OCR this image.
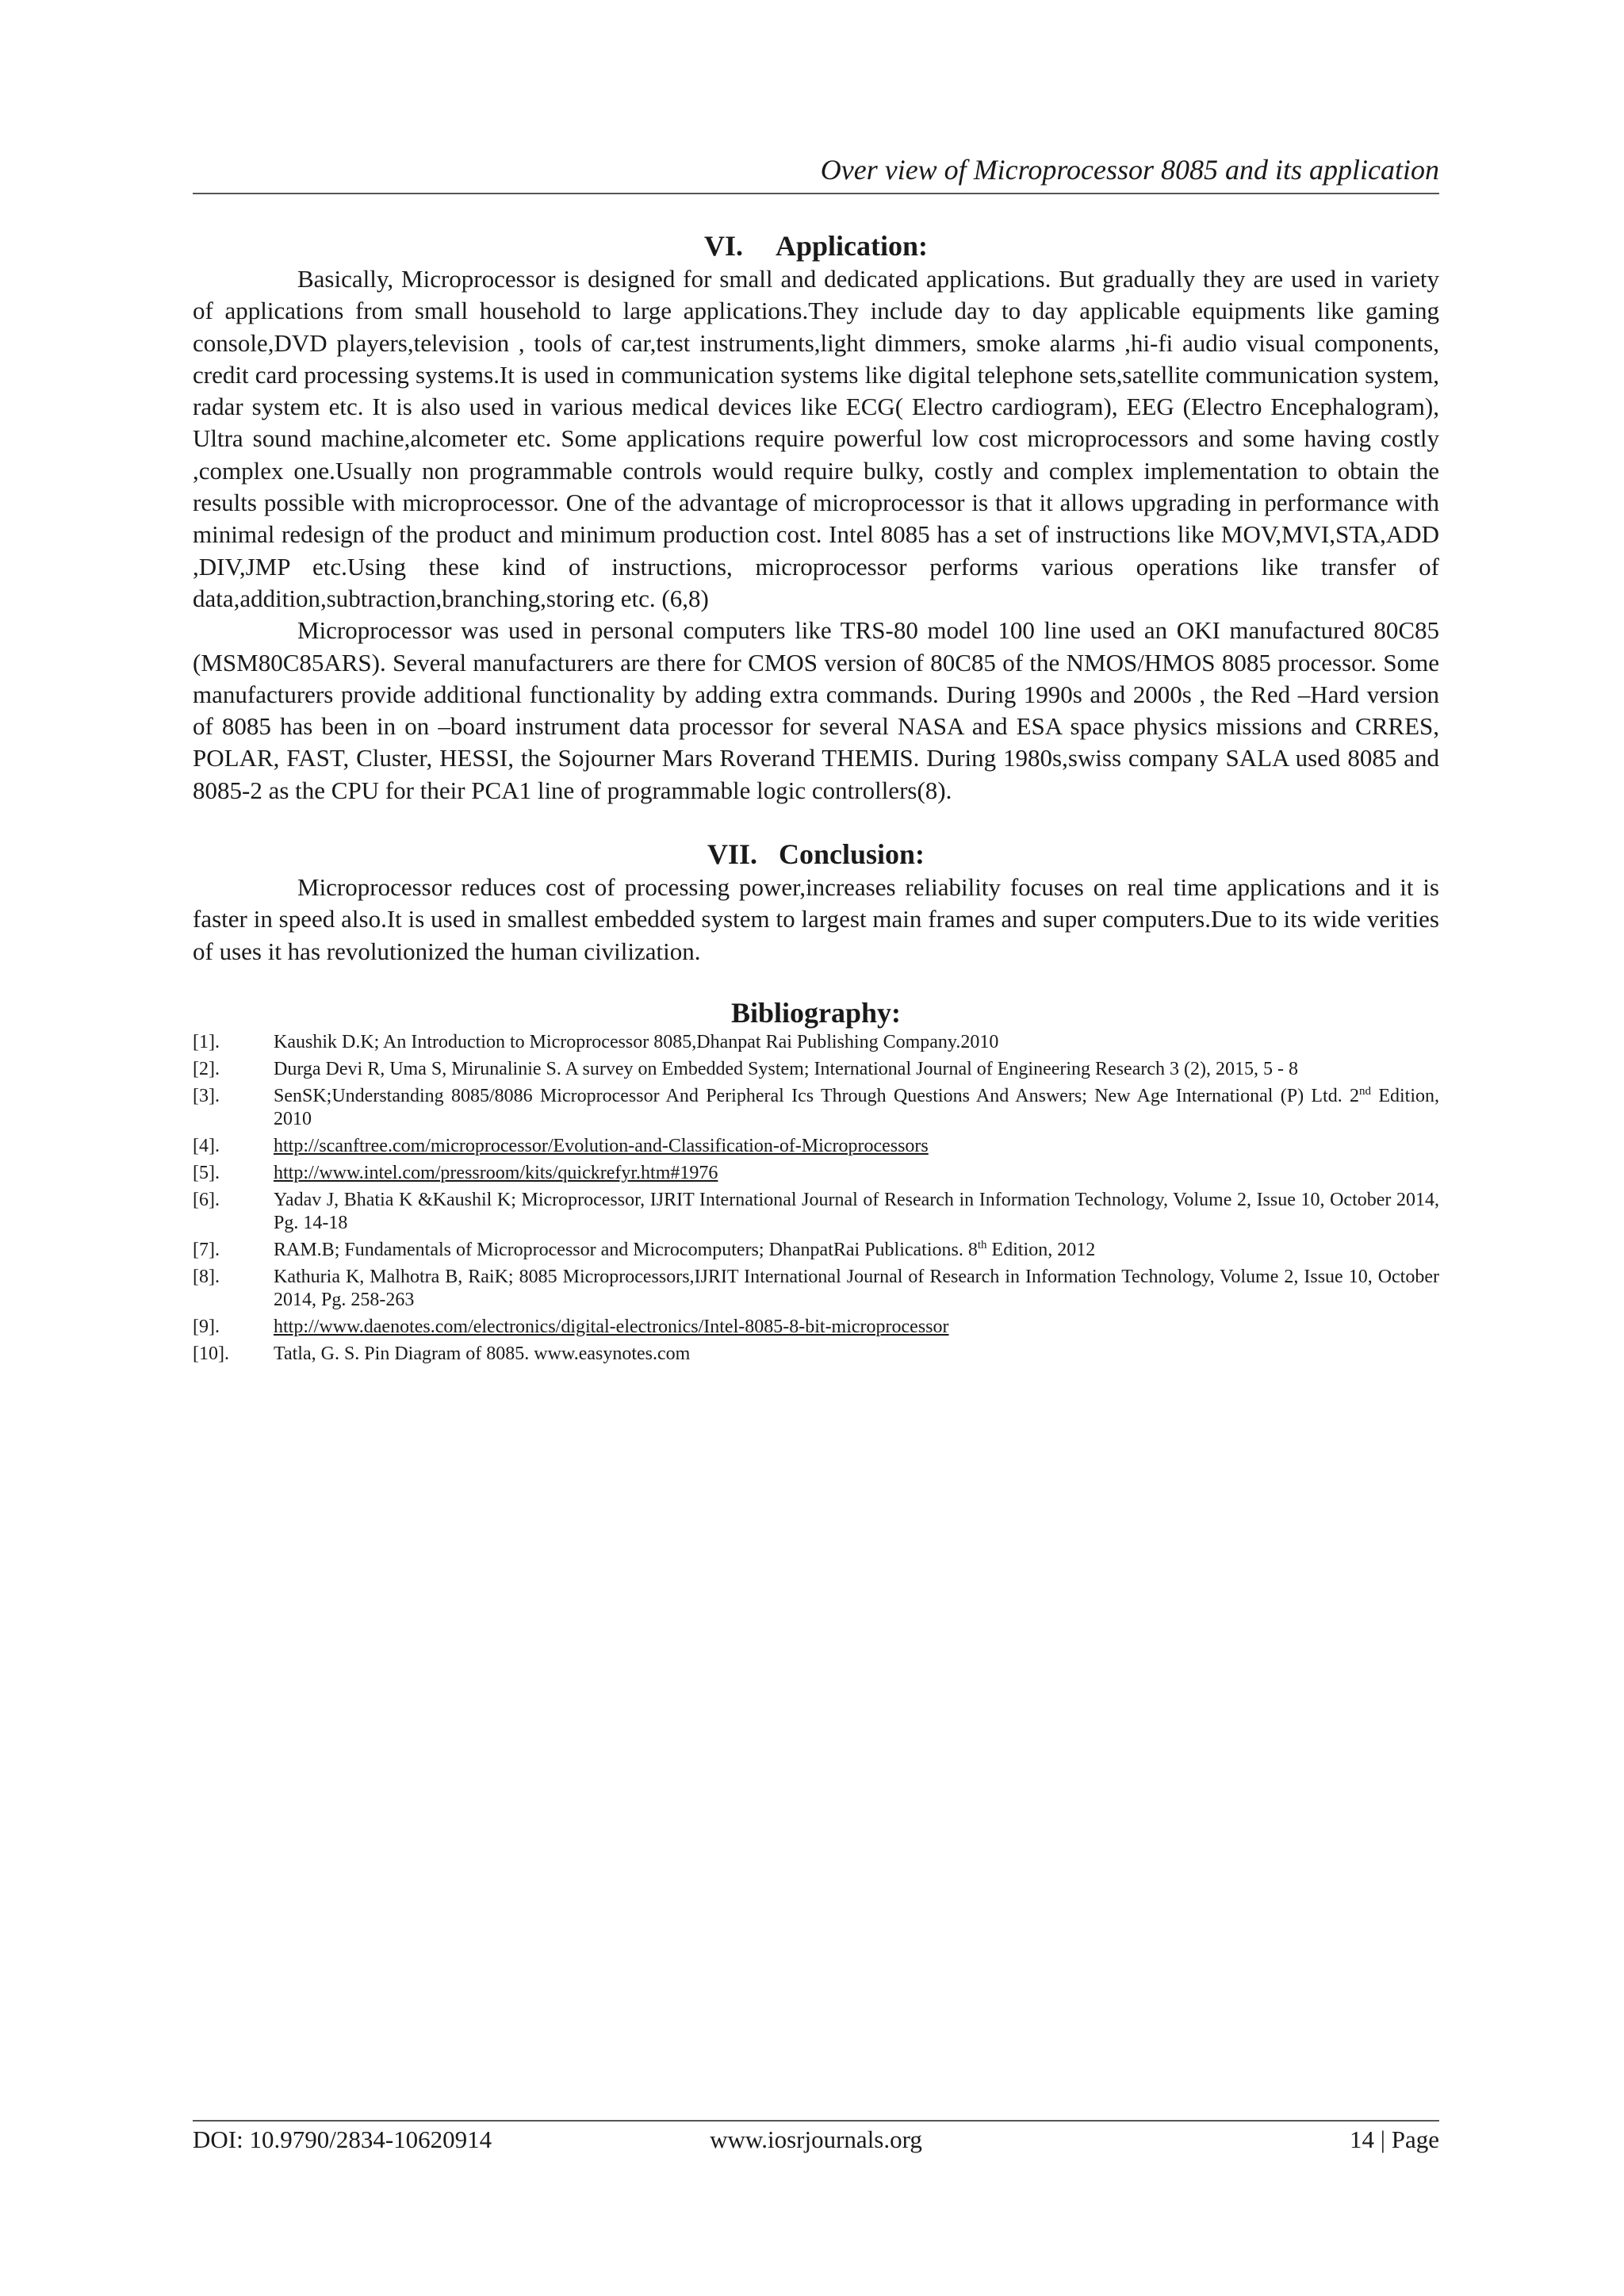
Over view of Microprocessor 8085 and its application
VI. Application:

Basically, Microprocessor is designed for small and dedicated applications. But gradually they are used in variety of applications from small household to large applications.They include day to day applicable equipments like gaming console,DVD players,television , tools of car,test instruments,light dimmers, smoke alarms ,hi-fi audio visual components, credit card processing systems.It is used in communication systems like digital telephone sets,satellite communication system, radar system etc. It is also used in various medical devices like ECG( Electro cardiogram), EEG (Electro Encephalogram), Ultra sound machine,alcometer etc. Some applications require powerful low cost microprocessors and some having costly ,complex one.Usually non programmable controls would require bulky, costly and complex implementation to obtain the results possible with microprocessor. One of the advantage of microprocessor is that it allows upgrading in performance with minimal redesign of the product and minimum production cost. Intel 8085 has a set of instructions like MOV,MVI,STA,ADD ,DIV,JMP etc.Using these kind of instructions, microprocessor performs various operations like transfer of data,addition,subtraction,branching,storing etc. (6,8)

Microprocessor was used in personal computers like TRS-80 model 100 line used an OKI manufactured 80C85 (MSM80C85ARS). Several manufacturers are there for CMOS version of 80C85 of the NMOS/HMOS 8085 processor. Some manufacturers provide additional functionality by adding extra commands. During 1990s and 2000s , the Red –Hard version of 8085 has been in on –board instrument data processor for several NASA and ESA space physics missions and CRRES, POLAR, FAST, Cluster, HESSI, the Sojourner Mars Roverand THEMIS. During 1980s,swiss company SALA used 8085 and 8085-2 as the CPU for their PCA1 line of programmable logic controllers(8).

VII. Conclusion:

Microprocessor reduces cost of processing power,increases reliability focuses on real time applications and it is faster in speed also.It is used in smallest embedded system to largest main frames and super computers.Due to its wide verities of uses it has revolutionized the human civilization.

Bibliography:
[1].	Kaushik D.K; An Introduction to Microprocessor 8085,Dhanpat Rai Publishing Company.2010
[2].	Durga Devi R, Uma S, Mirunalinie S. A survey on Embedded System; International Journal of Engineering Research 3 (2), 2015, 5 - 8
[3].	SenSK;Understanding 8085/8086 Microprocessor And Peripheral Ics Through Questions And Answers; New Age International (P) Ltd. 2nd Edition, 2010
[4].	http://scanftree.com/microprocessor/Evolution-and-Classification-of-Microprocessors
[5].	http://www.intel.com/pressroom/kits/quickrefyr.htm#1976
[6].	Yadav J, Bhatia K &Kaushil K; Microprocessor, IJRIT International Journal of Research in Information Technology, Volume 2, Issue 10, October 2014, Pg. 14-18
[7].	RAM.B; Fundamentals of Microprocessor and Microcomputers; DhanpatRai Publications. 8th Edition, 2012
[8].	Kathuria K, Malhotra B, RaiK; 8085 Microprocessors,IJRIT International Journal of Research in Information Technology, Volume 2, Issue 10, October 2014, Pg. 258-263
[9].	http://www.daenotes.com/electronics/digital-electronics/Intel-8085-8-bit-microprocessor
[10].	Tatla, G. S. Pin Diagram of 8085. www.easynotes.com
DOI: 10.9790/2834-10620914	www.iosrjournals.org	14 | Page
